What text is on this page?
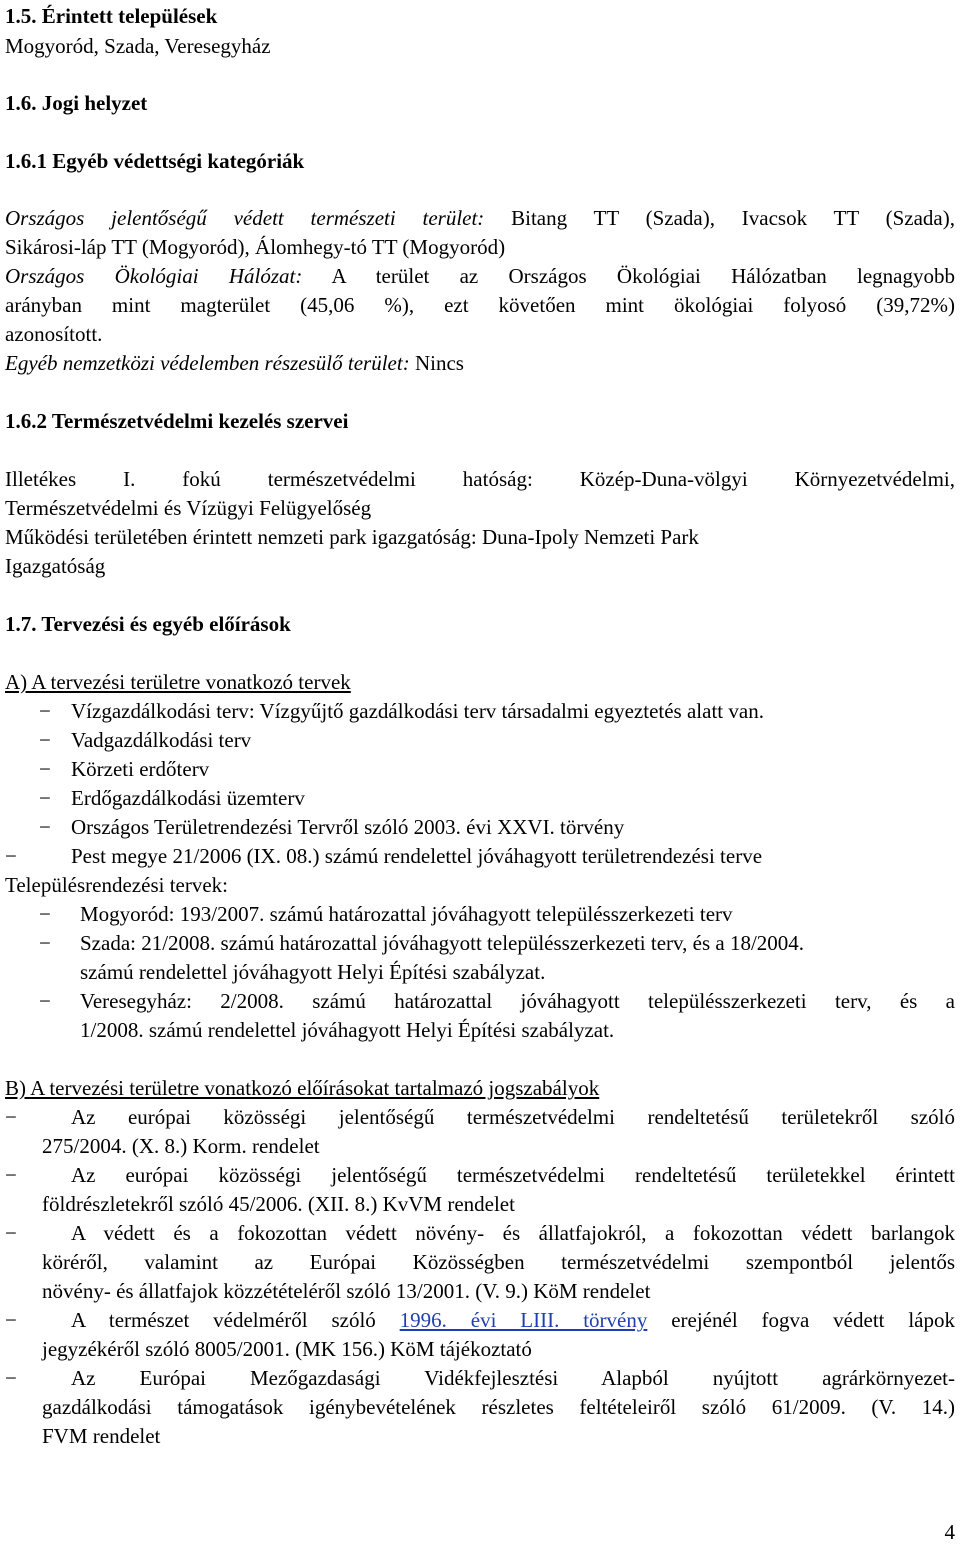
1.5. Érintett települések
Mogyoród, Szada, Veresegyház
1.6. Jogi helyzet
1.6.1 Egyéb védettségi kategóriák
Országos jelentőségű védett természeti terület: Bitang TT (Szada), Ivacsok TT (Szada),
Sikárosi-láp TT (Mogyoród), Álomhegy-tó TT (Mogyoród)
Országos Ökológiai Hálózat: A terület az Országos Ökológiai Hálózatban legnagyobb
arányban mint magterület (45,06 %), ezt követően mint ökológiai folyosó (39,72%)
azonosított.
Egyéb nemzetközi védelemben részesülő terület: Nincs
1.6.2 Természetvédelmi kezelés szervei
Illetékes I. fokú természetvédelmi hatóság: Közép-Duna-völgyi Környezetvédelmi,
Természetvédelmi és Vízügyi Felügyelőség
Működési területében érintett nemzeti park igazgatóság: Duna-Ipoly Nemzeti Park
Igazgatóság
1.7. Tervezési és egyéb előírások
A) A tervezési területre vonatkozó tervek
− Vízgazdálkodási terv: Vízgyűjtő gazdálkodási terv társadalmi egyeztetés alatt van.
− Vadgazdálkodási terv
− Körzeti erdőterv
− Erdőgazdálkodási üzemterv
− Országos Területrendezési Tervről szóló 2003. évi XXVI. törvény
−	Pest megye 21/2006 (IX. 08.) számú rendelettel jóváhagyott területrendezési terve
Településrendezési tervek:
− Mogyoród: 193/2007. számú határozattal jóváhagyott településszerkezeti terv
− Szada: 21/2008. számú határozattal jóváhagyott településszerkezeti terv, és a 18/2004.
számú rendelettel jóváhagyott Helyi Építési szabályzat.
− Veresegyház: 2/2008. számú határozattal jóváhagyott településszerkezeti terv, és a
1/2008. számú rendelettel jóváhagyott Helyi Építési szabályzat.
B) A tervezési területre vonatkozó előírásokat tartalmazó jogszabályok
−	Az európai közösségi jelentőségű természetvédelmi rendeltetésű területekről szóló
275/2004. (X. 8.) Korm. rendelet
−	Az európai közösségi jelentőségű természetvédelmi rendeltetésű területekkel érintett
földrészletekről szóló 45/2006. (XII. 8.) KvVM rendelet
−	A védett és a fokozottan védett növény- és állatfajokról, a fokozottan védett barlangok
köréről, valamint az Európai Közösségben természetvédelmi szempontból jelentős
növény- és állatfajok közzétételéről szóló 13/2001. (V. 9.) KöM rendelet
−	A természet védelméről szóló 1996. évi LIII. törvény erejénél fogva védett lápok
jegyzékéről szóló 8005/2001. (MK 156.) KöM tájékoztató
−	Az Európai Mezőgazdasági Vidékfejlesztési Alapból nyújtott agrárkörnyezet-
gazdálkodási támogatások igénybevételének részletes feltételeiről szóló 61/2009. (V. 14.)
FVM rendelet
4
